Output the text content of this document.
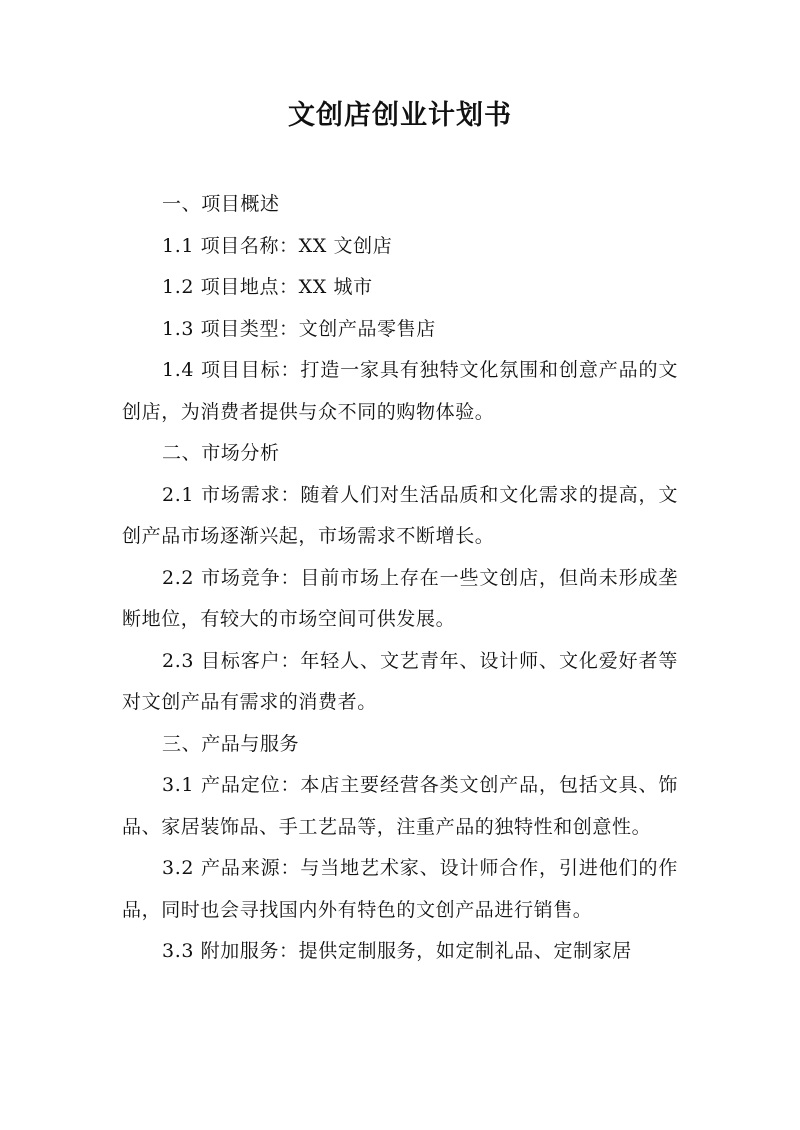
文创店创业计划书

一、项目概述

1.1 项目名称：XX 文创店

1.2 项目地点：XX 城市

1.3 项目类型：文创产品零售店

1.4 项目目标：打造一家具有独特文化氛围和创意产品的文创店，为消费者提供与众不同的购物体验。

二、市场分析

2.1 市场需求：随着人们对生活品质和文化需求的提高，文创产品市场逐渐兴起，市场需求不断增长。

2.2 市场竞争：目前市场上存在一些文创店，但尚未形成垄断地位，有较大的市场空间可供发展。

2.3 目标客户：年轻人、文艺青年、设计师、文化爱好者等对文创产品有需求的消费者。

三、产品与服务

3.1 产品定位：本店主要经营各类文创产品，包括文具、饰品、家居装饰品、手工艺品等，注重产品的独特性和创意性。

3.2 产品来源：与当地艺术家、设计师合作，引进他们的作品，同时也会寻找国内外有特色的文创产品进行销售。

3.3 附加服务：提供定制服务，如定制礼品、定制家居
